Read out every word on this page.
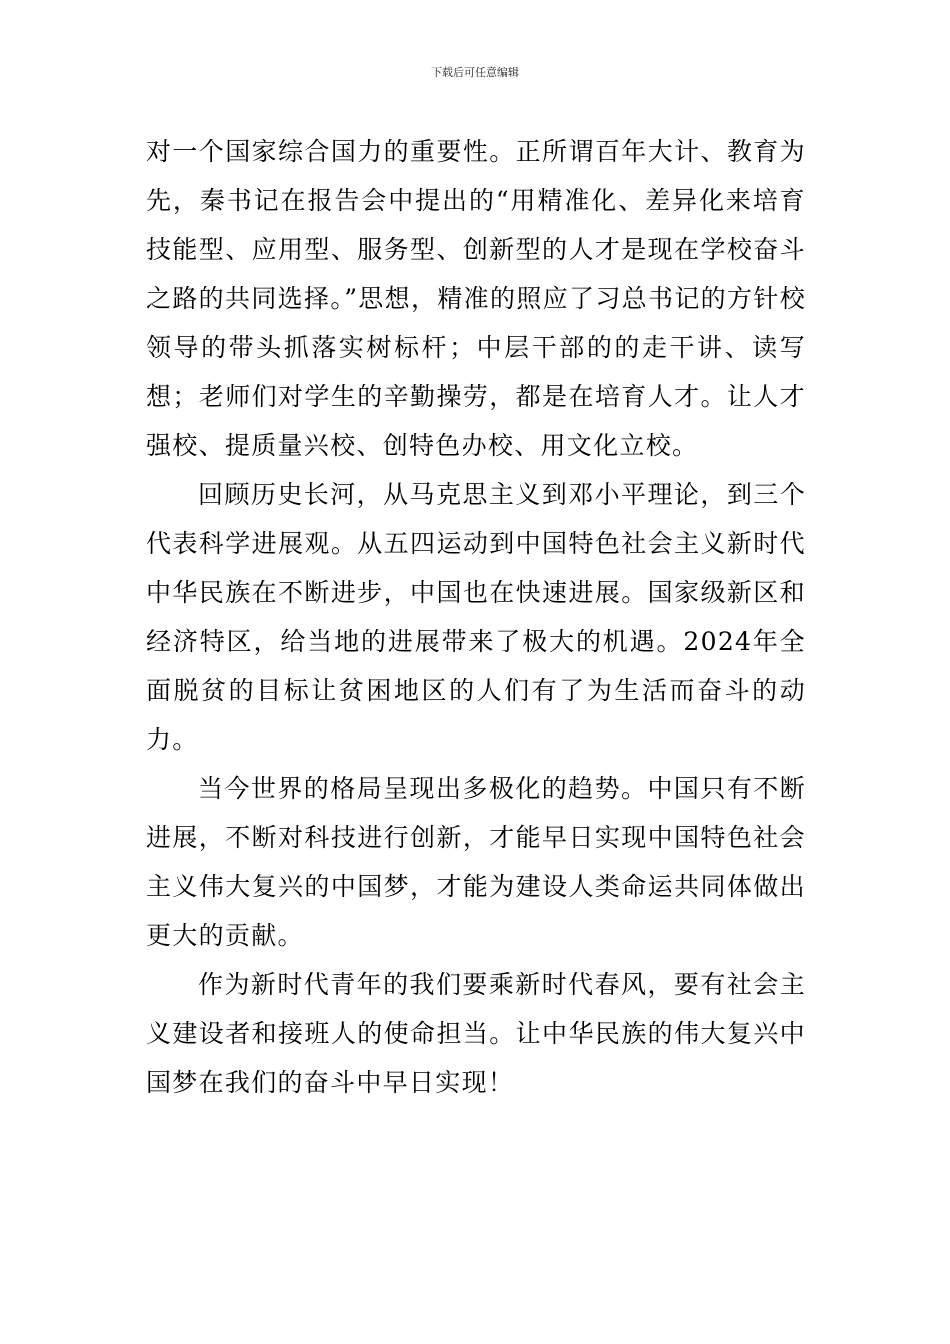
下载后可任意编辑

对一个国家综合国力的重要性。正所谓百年大计、教育为先，秦书记在报告会中提出的“用精准化、差异化来培育技能型、应用型、服务型、创新型的人才是现在学校奋斗之路的共同选择。”思想，精准的照应了习总书记的方针校领导的带头抓落实树标杆；中层干部的的走干讲、读写想；老师们对学生的辛勤操劳，都是在培育人才。让人才强校、提质量兴校、创特色办校、用文化立校。

回顾历史长河，从马克思主义到邓小平理论，到三个代表科学进展观。从五四运动到中国特色社会主义新时代中华民族在不断进步，中国也在快速进展。国家级新区和经济特区，给当地的进展带来了极大的机遇。2024年全面脱贫的目标让贫困地区的人们有了为生活而奋斗的动力。

当今世界的格局呈现出多极化的趋势。中国只有不断进展，不断对科技进行创新，才能早日实现中国特色社会主义伟大复兴的中国梦，才能为建设人类命运共同体做出更大的贡献。

作为新时代青年的我们要乘新时代春风，要有社会主义建设者和接班人的使命担当。让中华民族的伟大复兴中国梦在我们的奋斗中早日实现！
